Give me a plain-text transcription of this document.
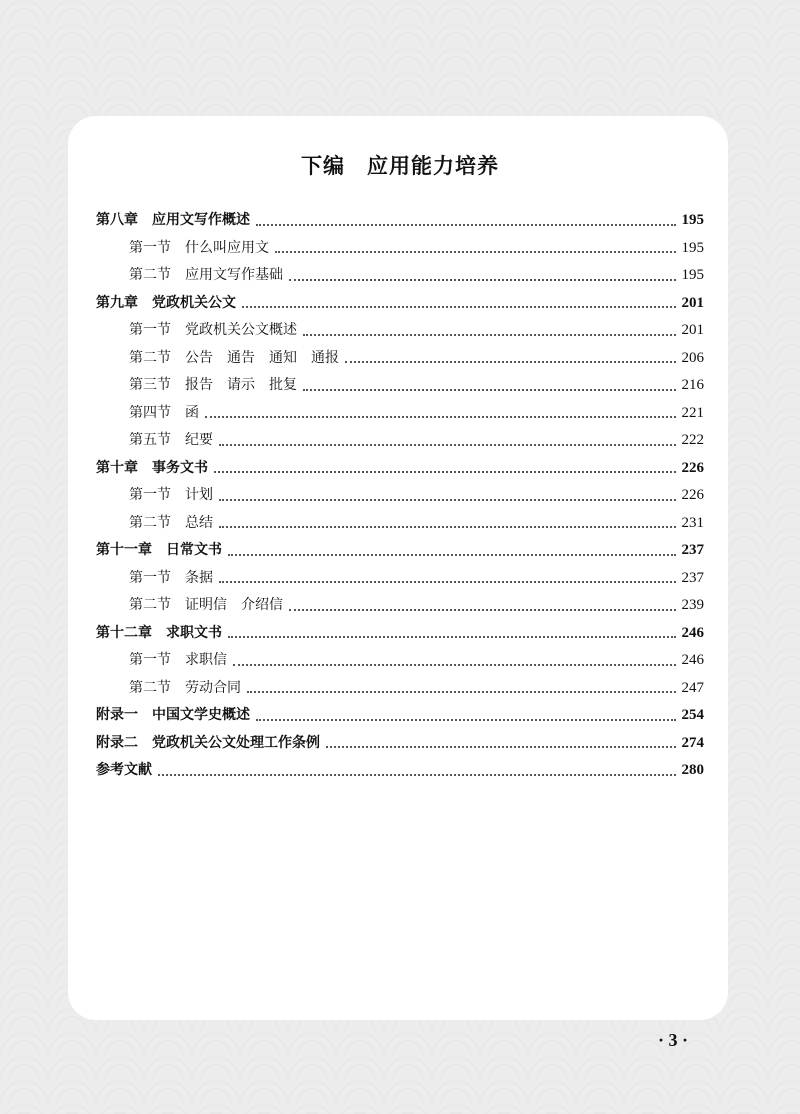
下编　应用能力培养
第八章　应用文写作概述	195
第一节　什么叫应用文	195
第二节　应用文写作基础	195
第九章　党政机关公文	201
第一节　党政机关公文概述	201
第二节　公告　通告　通知　通报	206
第三节　报告　请示　批复	216
第四节　函	221
第五节　纪要	222
第十章　事务文书	226
第一节　计划	226
第二节　总结	231
第十一章　日常文书	237
第一节　条据	237
第二节　证明信　介绍信	239
第十二章　求职文书	246
第一节　求职信	246
第二节　劳动合同	247
附录一　中国文学史概述	254
附录二　党政机关公文处理工作条例	274
参考文献	280
· 3 ·
